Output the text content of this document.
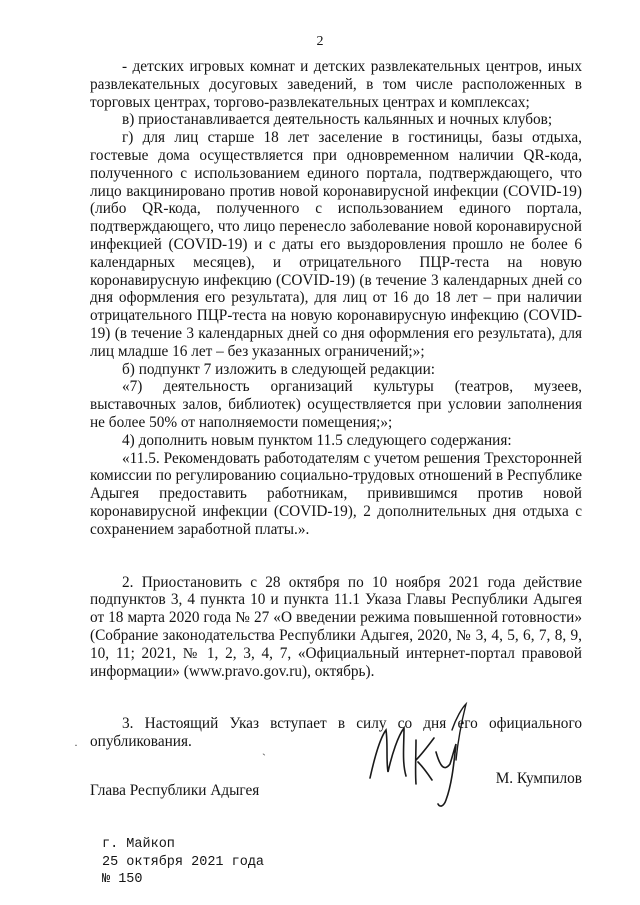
2

- детских игровых комнат и детских развлекательных центров, иных развлекательных досуговых заведений, в том числе расположенных в торговых центрах, торгово-развлекательных центрах и комплексах;

в) приостанавливается деятельность кальянных и ночных клубов;

г) для лиц старше 18 лет заселение в гостиницы, базы отдыха, гостевые дома осуществляется при одновременном наличии QR-кода, полученного с использованием единого портала, подтверждающего, что лицо вакцинировано против новой коронавирусной инфекции (COVID-19) (либо QR-кода, полученного с использованием единого портала, подтверждающего, что лицо перенесло заболевание новой коронавирусной инфекцией (COVID-19) и с даты его выздоровления прошло не более 6 календарных месяцев), и отрицательного ПЦР-теста на новую коронавирусную инфекцию (COVID-19) (в течение 3 календарных дней со дня оформления его результата), для лиц от 16 до 18 лет – при наличии отрицательного ПЦР-теста на новую коронавирусную инфекцию (COVID-19) (в течение 3 календарных дней со дня оформления его результата), для лиц младше 16 лет – без указанных ограничений;»;

б) подпункт 7 изложить в следующей редакции:

«7) деятельность организаций культуры (театров, музеев, выставочных залов, библиотек) осуществляется при условии заполнения не более 50% от наполняемости помещения;»;

4) дополнить новым пунктом 11.5 следующего содержания:

«11.5. Рекомендовать работодателям с учетом решения Трехсторонней комиссии по регулированию социально-трудовых отношений в Республике Адыгея предоставить работникам, привившимся против новой коронавирусной инфекции (COVID-19), 2 дополнительных дня отдыха с сохранением заработной платы.».

2. Приостановить с 28 октября по 10 ноября 2021 года действие подпунктов 3, 4 пункта 10 и пункта 11.1 Указа Главы Республики Адыгея от 18 марта 2020 года № 27 «О введении режима повышенной готовности» (Собрание законодательства Республики Адыгея, 2020, № 3, 4, 5, 6, 7, 8, 9, 10, 11; 2021, № 1, 2, 3, 4, 7, «Официальный интернет-портал правовой информации» (www.pravo.gov.ru), октябрь).

3. Настоящий Указ вступает в силу со дня его официального опубликования.

·	ˎ
Глава Республики Адыгея
М. Кумпилов
г. Майкоп
25 октября 2021 года
№ 150
